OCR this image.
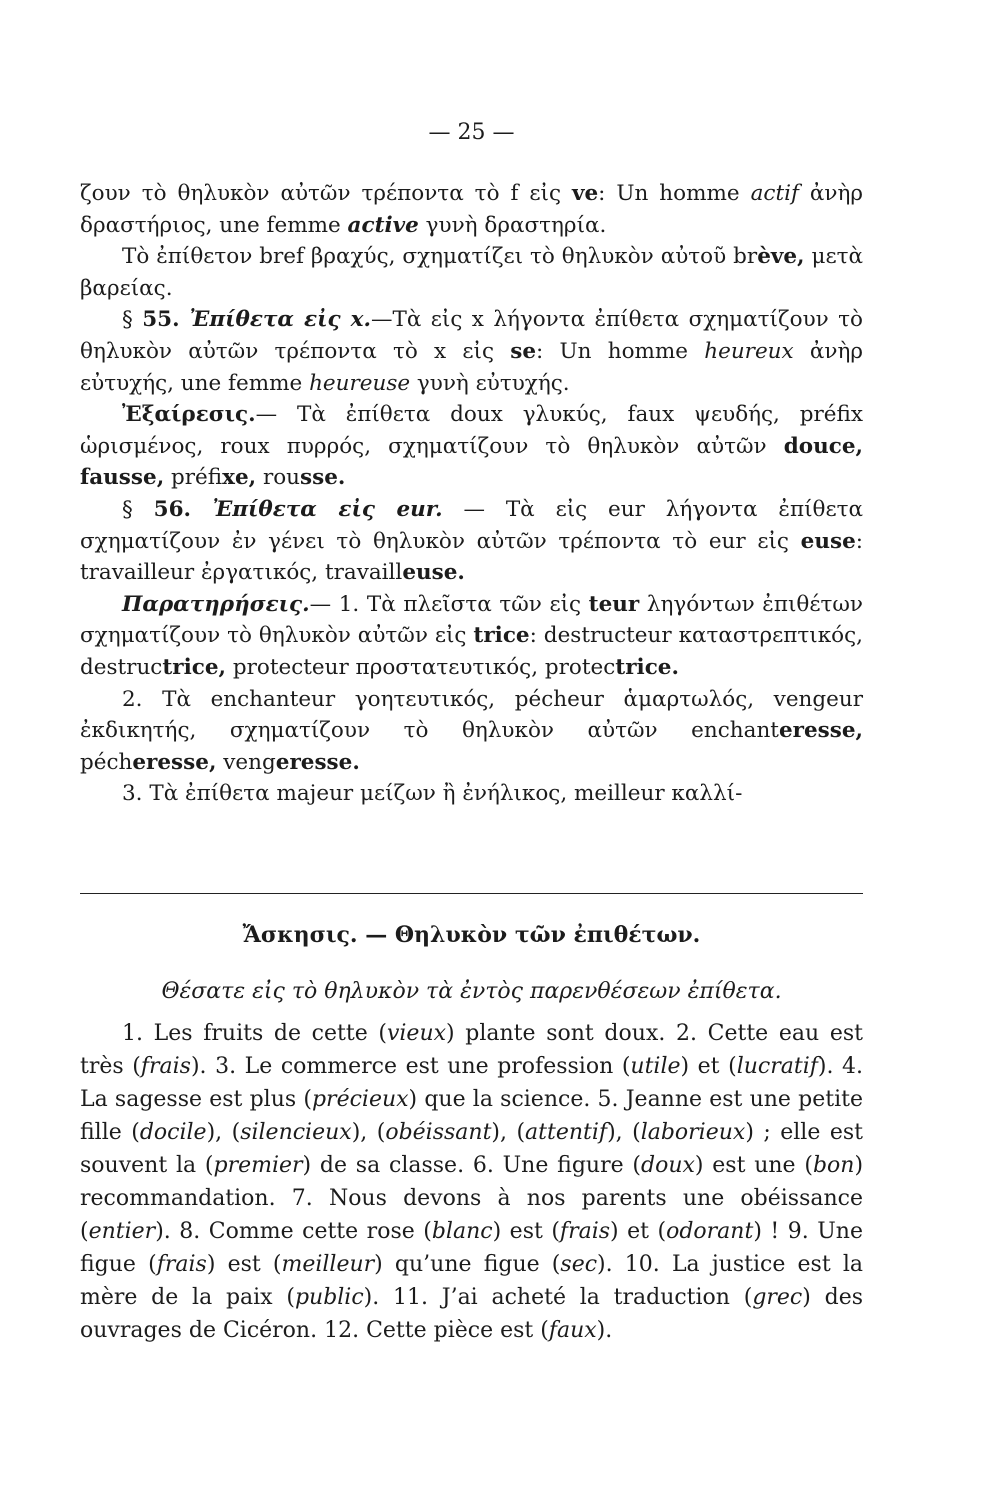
— 25 —

ζουν τὸ θηλυκὸν αὐτῶν τρέποντα τὸ f εἰς ve: Un homme actif ἀνὴρ δραστήριος, une femme active γυνὴ δραστηρία.

Τὸ ἐπίθετον bref βραχύς, σχηματίζει τὸ θηλυκὸν αὐτοῦ brève, μετὰ βαρείας.

§ 55. Ἐπίθετα εἰς x.—Τὰ εἰς x λήγοντα ἐπίθετα σχηματίζουν τὸ θηλυκὸν αὐτῶν τρέποντα τὸ x εἰς se: Un homme heureux ἀνὴρ εὐτυχής, une femme heureuse γυνὴ εὐτυχής.

Ἐξαίρεσις.— Τὰ ἐπίθετα doux γλυκύς, faux ψευδής, préfix ὡρισμένος, roux πυρρός, σχηματίζουν τὸ θηλυκὸν αὐτῶν douce, fausse, préfixe, rousse.

§ 56. Ἐπίθετα εἰς eur. — Τὰ εἰς eur λήγοντα ἐπίθετα σχηματίζουν ἐν γένει τὸ θηλυκὸν αὐτῶν τρέποντα τὸ eur εἰς euse: travailleur ἐργατικός, travailleuse.

Παρατηρήσεις.— 1. Τὰ πλεῖστα τῶν εἰς teur ληγόντων ἐπιθέτων σχηματίζουν τὸ θηλυκὸν αὐτῶν εἰς trice: destructeur καταστρεπτικός, destructrice, protecteur προστατευτικός, protectrice.

2. Τὰ enchanteur γοητευτικός, pécheur ἁμαρτωλός, vengeur ἐκδικητής, σχηματίζουν τὸ θηλυκὸν αὐτῶν enchanteresse, pécheresse, vengeresse.

3. Τὰ ἐπίθετα majeur μείζων ἢ ἐνήλικος, meilleur καλλί-

Ἄσκησις. — Θηλυκὸν τῶν ἐπιθέτων.
Θέσατε εἰς τὸ θηλυκὸν τὰ ἐντὸς παρενθέσεων ἐπίθετα.
1. Les fruits de cette (vieux) plante sont doux. 2. Cette eau est très (frais). 3. Le commerce est une profession (utile) et (lucratif). 4. La sagesse est plus (précieux) que la science. 5. Jeanne est une petite fille (docile), (silencieux), (obéissant), (attentif), (laborieux) ; elle est souvent la (premier) de sa classe. 6. Une figure (doux) est une (bon) recommandation. 7. Nous devons à nos parents une obéissance (entier). 8. Comme cette rose (blanc) est (frais) et (odorant) ! 9. Une figue (frais) est (meilleur) qu’une figue (sec). 10. La justice est la mère de la paix (public). 11. J’ai acheté la traduction (grec) des ouvrages de Cicéron. 12. Cette pièce est (faux).
